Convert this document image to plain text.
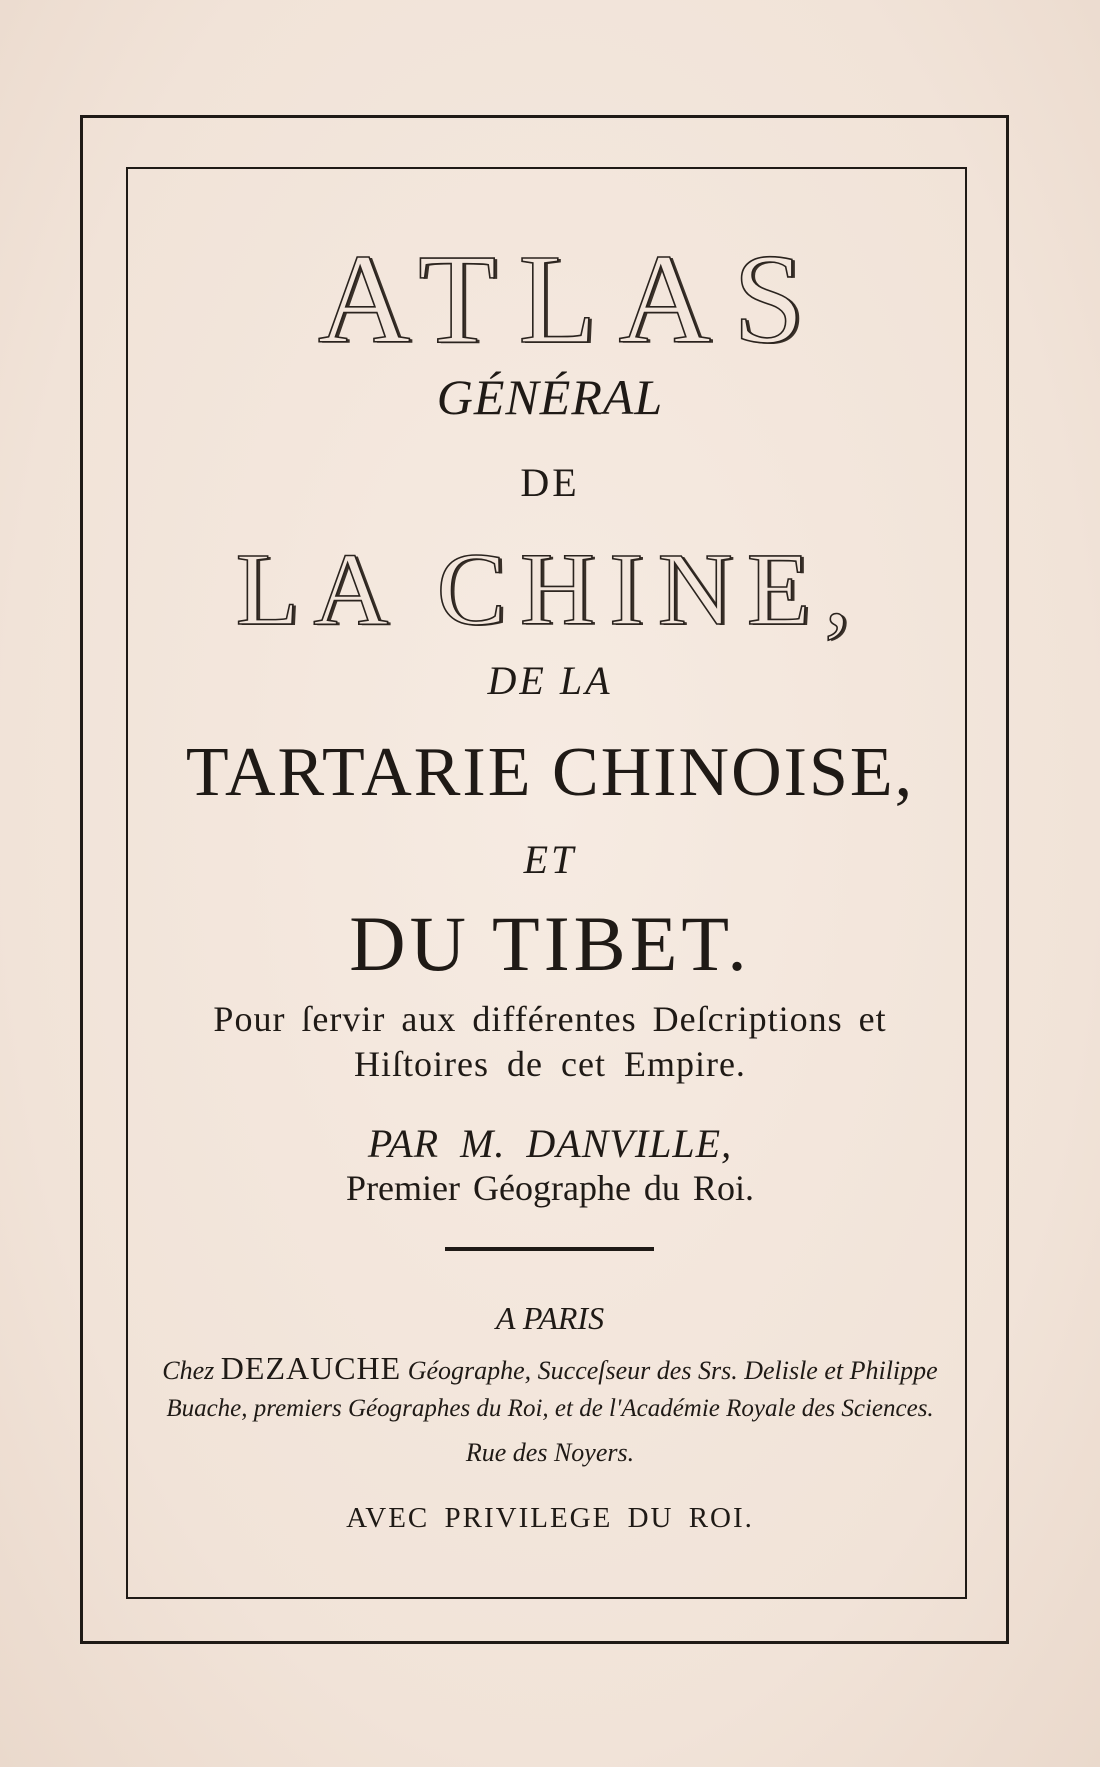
ATLAS
GÉNÉRAL
DE
LA CHINE,
DE LA
TARTARIE CHINOISE,
ET
DU TIBET.
Pour ſervir aux différentes Deſcriptions et
Hiſtoires de cet Empire.
PAR M. DANVILLE,
Premier Géographe du Roi.
A PARIS
Chez DEZAUCHE Géographe, Succeſseur des Srs. Delisle et Philippe
Buache, premiers Géographes du Roi, et de l'Académie Royale des Sciences.
Rue des Noyers.
AVEC PRIVILEGE DU ROI.
